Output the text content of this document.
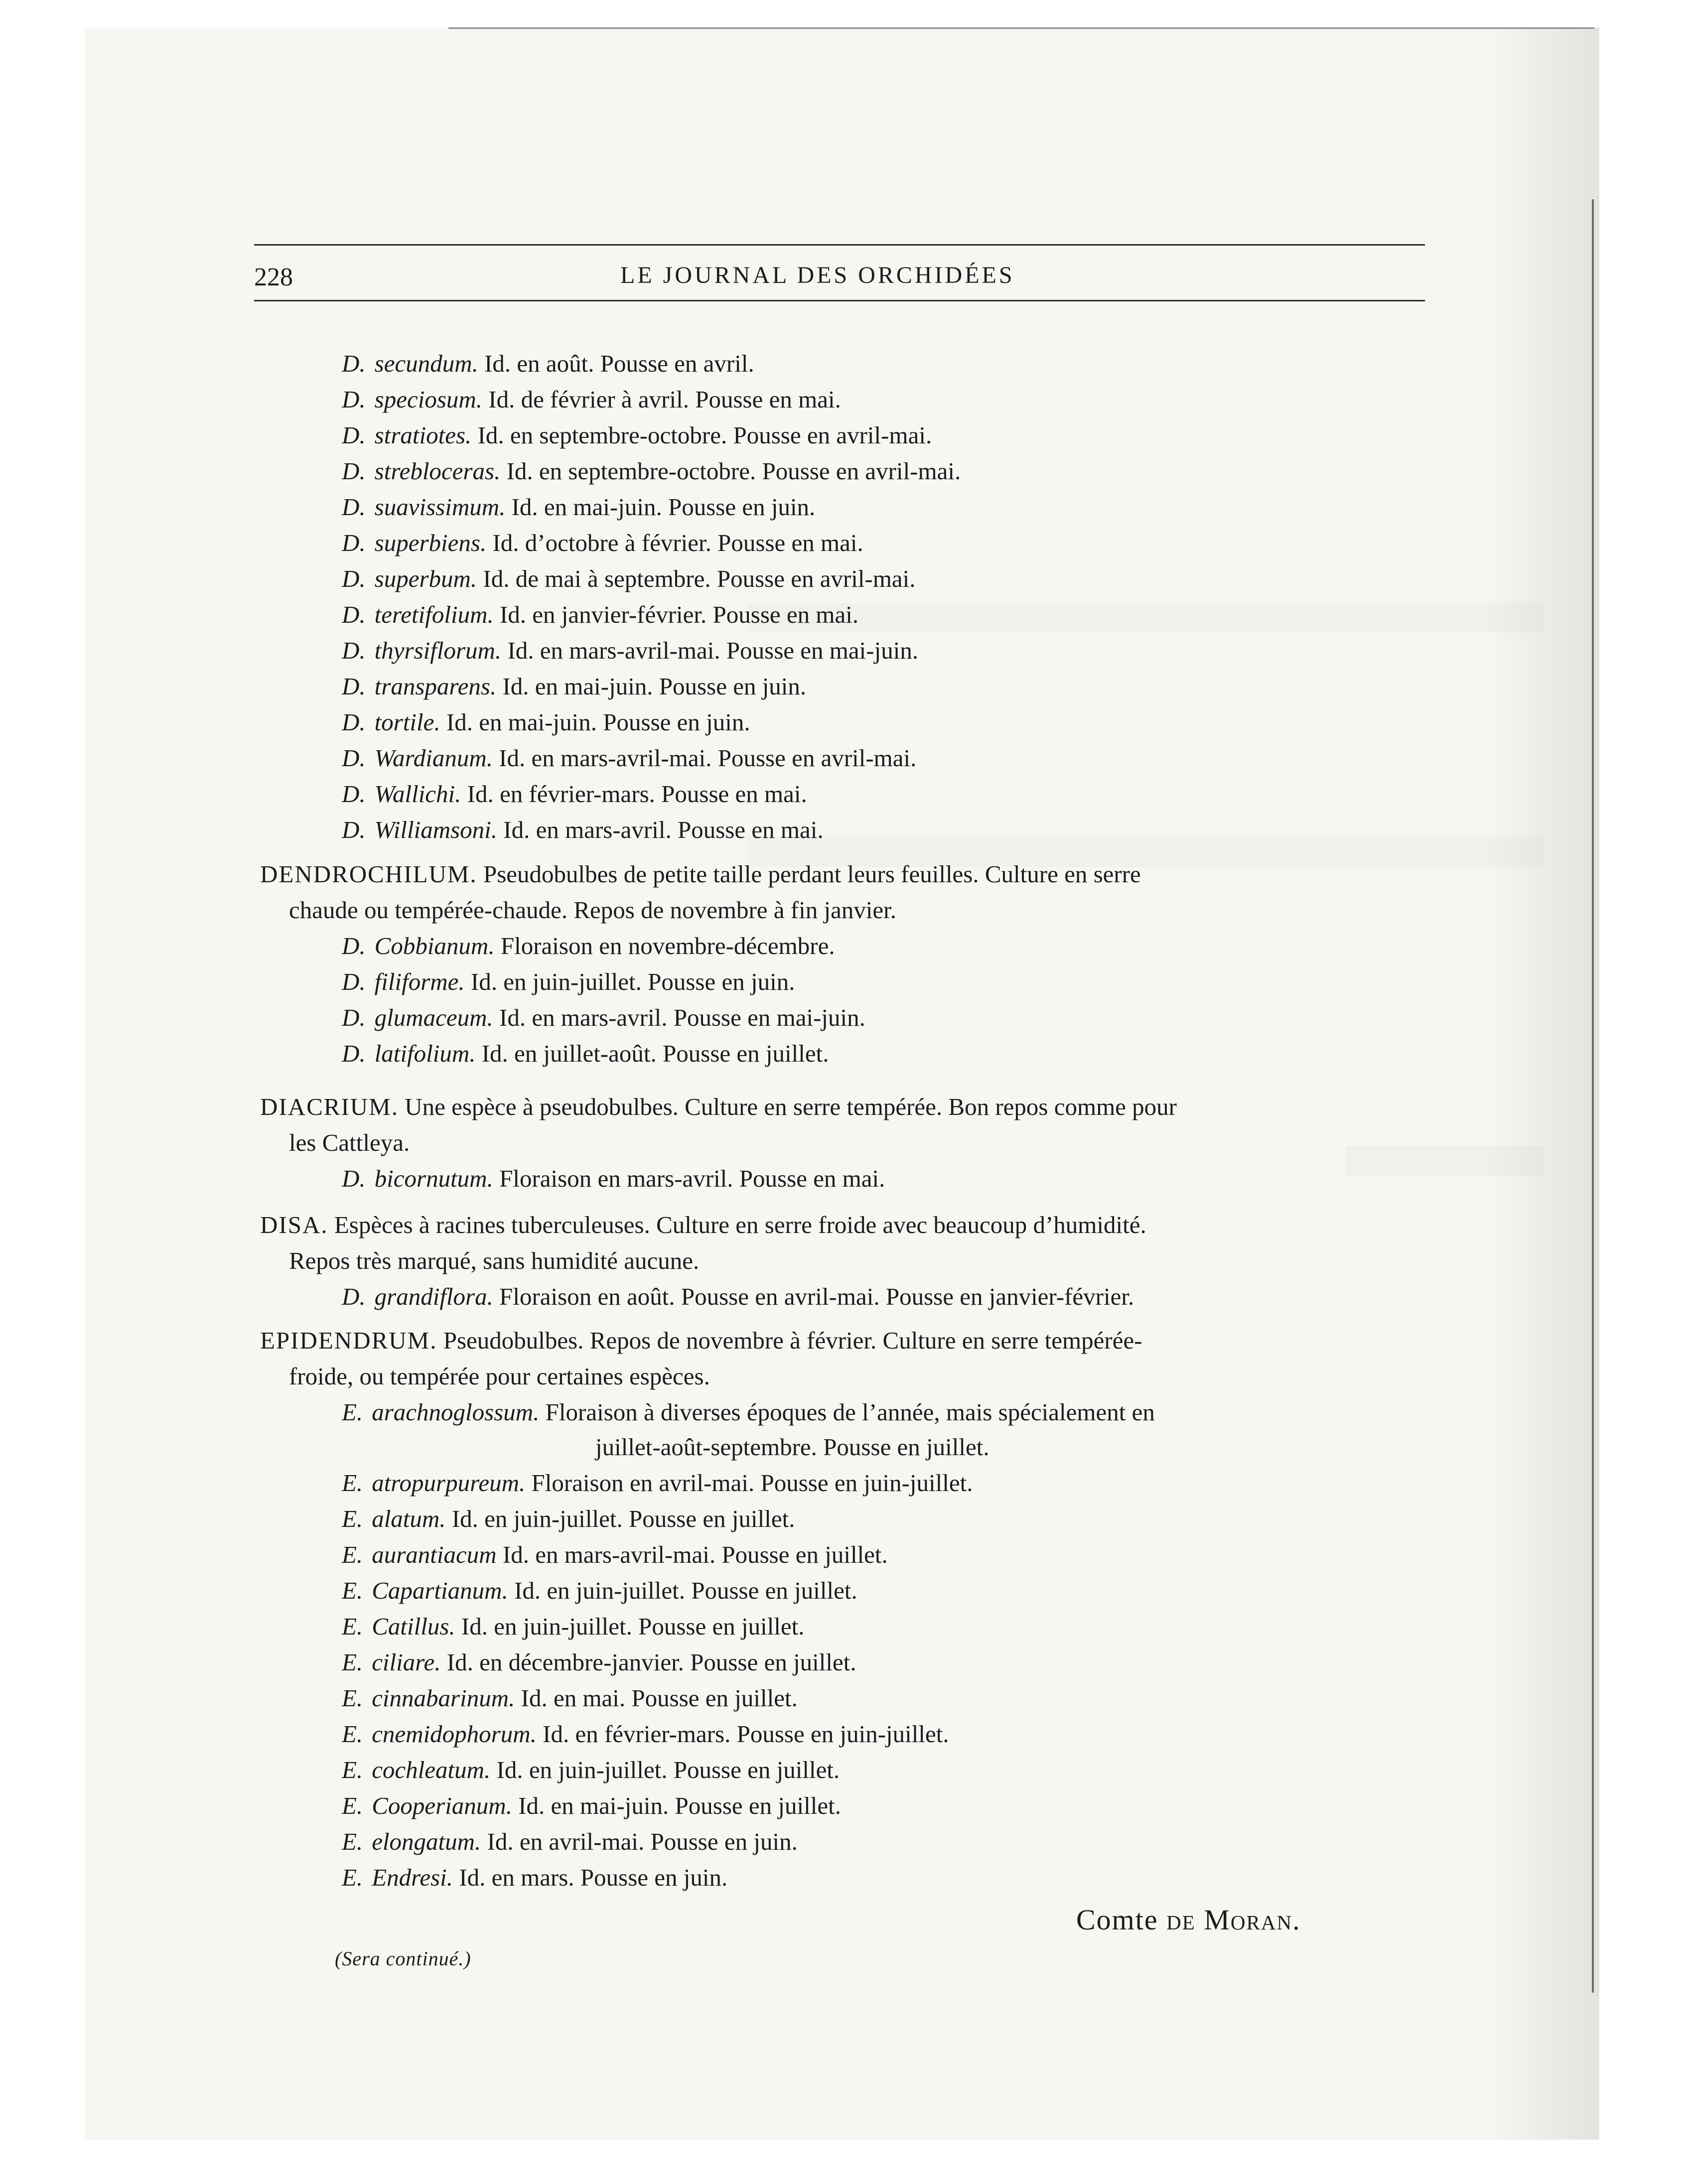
228	LE JOURNAL DES ORCHIDÉES
D. secundum. Id. en août. Pousse en avril.
D. speciosum. Id. de février à avril. Pousse en mai.
D. stratiotes. Id. en septembre-octobre. Pousse en avril-mai.
D. strebloceras. Id. en septembre-octobre. Pousse en avril-mai.
D. suavissimum. Id. en mai-juin. Pousse en juin.
D. superbiens. Id. d’octobre à février. Pousse en mai.
D. superbum. Id. de mai à septembre. Pousse en avril-mai.
D. teretifolium. Id. en janvier-février. Pousse en mai.
D. thyrsiflorum. Id. en mars-avril-mai. Pousse en mai-juin.
D. transparens. Id. en mai-juin. Pousse en juin.
D. tortile. Id. en mai-juin. Pousse en juin.
D. Wardianum. Id. en mars-avril-mai. Pousse en avril-mai.
D. Wallichi. Id. en février-mars. Pousse en mai.
D. Williamsoni. Id. en mars-avril. Pousse en mai.
DENDROCHILUM. Pseudobulbes de petite taille perdant leurs feuilles. Culture en serre
chaude ou tempérée-chaude. Repos de novembre à fin janvier.
D. Cobbianum. Floraison en novembre-décembre.
D. filiforme. Id. en juin-juillet. Pousse en juin.
D. glumaceum. Id. en mars-avril. Pousse en mai-juin.
D. latifolium. Id. en juillet-août. Pousse en juillet.
DIACRIUM. Une espèce à pseudobulbes. Culture en serre tempérée. Bon repos comme pour
les Cattleya.
D. bicornutum. Floraison en mars-avril. Pousse en mai.
DISA. Espèces à racines tuberculeuses. Culture en serre froide avec beaucoup d’humidité.
Repos très marqué, sans humidité aucune.
D. grandiflora. Floraison en août. Pousse en avril-mai. Pousse en janvier-février.
EPIDENDRUM. Pseudobulbes. Repos de novembre à février. Culture en serre tempérée-
froide, ou tempérée pour certaines espèces.
E. arachnoglossum. Floraison à diverses époques de l’année, mais spécialement en
juillet-août-septembre. Pousse en juillet.
E. atropurpureum. Floraison en avril-mai. Pousse en juin-juillet.
E. alatum. Id. en juin-juillet. Pousse en juillet.
E. aurantiacum Id. en mars-avril-mai. Pousse en juillet.
E. Capartianum. Id. en juin-juillet. Pousse en juillet.
E. Catillus. Id. en juin-juillet. Pousse en juillet.
E. ciliare. Id. en décembre-janvier. Pousse en juillet.
E. cinnabarinum. Id. en mai. Pousse en juillet.
E. cnemidophorum. Id. en février-mars. Pousse en juin-juillet.
E. cochleatum. Id. en juin-juillet. Pousse en juillet.
E. Cooperianum. Id. en mai-juin. Pousse en juillet.
E. elongatum. Id. en avril-mai. Pousse en juin.
E. Endresi. Id. en mars. Pousse en juin.
Comte de Moran.
(Sera continué.)
